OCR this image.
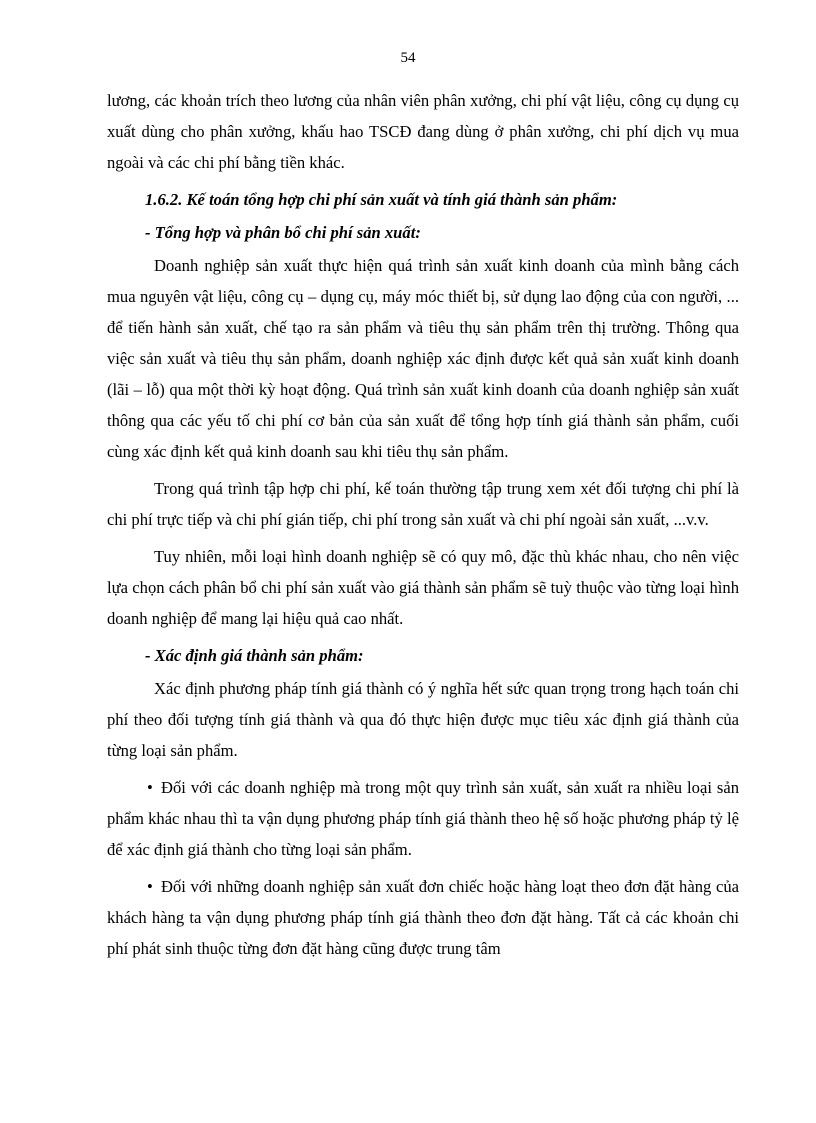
54

lương, các khoản trích theo lương của nhân viên phân xưởng, chi phí vật liệu, công cụ dụng cụ xuất dùng cho phân xưởng, khấu hao TSCĐ đang dùng ở phân xưởng, chi phí dịch vụ mua ngoài và các chi phí bằng tiền khác.

1.6.2. Kế toán tổng hợp chi phí sản xuất và tính giá thành sản phẩm:

- Tổng hợp và phân bổ chi phí sản xuất:

Doanh nghiệp sản xuất thực hiện quá trình sản xuất kinh doanh của mình bằng cách mua nguyên vật liệu, công cụ – dụng cụ, máy móc thiết bị, sử dụng lao động của con người, ... để tiến hành sản xuất, chế tạo ra sản phẩm và tiêu thụ sản phẩm trên thị trường. Thông qua việc sản xuất và tiêu thụ sản phẩm, doanh nghiệp xác định được kết quả sản xuất kinh doanh (lãi – lỗ) qua một thời kỳ hoạt động. Quá trình sản xuất kinh doanh của doanh nghiệp sản xuất thông qua các yếu tố chi phí cơ bản của sản xuất để tổng hợp tính giá thành sản phẩm, cuối cùng xác định kết quả kinh doanh sau khi tiêu thụ sản phẩm.

Trong quá trình tập hợp chi phí, kế toán thường tập trung xem xét đối tượng chi phí là chi phí trực tiếp và chi phí gián tiếp, chi phí trong sản xuất và chi phí ngoài sản xuất, ...v.v.

Tuy nhiên, mỗi loại hình doanh nghiệp sẽ có quy mô, đặc thù khác nhau, cho nên việc lựa chọn cách phân bổ chi phí sản xuất vào giá thành sản phẩm sẽ tuỳ thuộc vào từng loại hình doanh nghiệp để mang lại hiệu quả cao nhất.

- Xác định giá thành sản phẩm:

Xác định phương pháp tính giá thành có ý nghĩa hết sức quan trọng trong hạch toán chi phí theo đối tượng tính giá thành và qua đó thực hiện được mục tiêu xác định giá thành của từng loại sản phẩm.

• Đối với các doanh nghiệp mà trong một quy trình sản xuất, sản xuất ra nhiều loại sản phẩm khác nhau thì ta vận dụng phương pháp tính giá thành theo hệ số hoặc phương pháp tỷ lệ để xác định giá thành cho từng loại sản phẩm.

• Đối với những doanh nghiệp sản xuất đơn chiếc hoặc hàng loạt theo đơn đặt hàng của khách hàng ta vận dụng phương pháp tính giá thành theo đơn đặt hàng. Tất cả các khoản chi phí phát sinh thuộc từng đơn đặt hàng cũng được trung tâm
